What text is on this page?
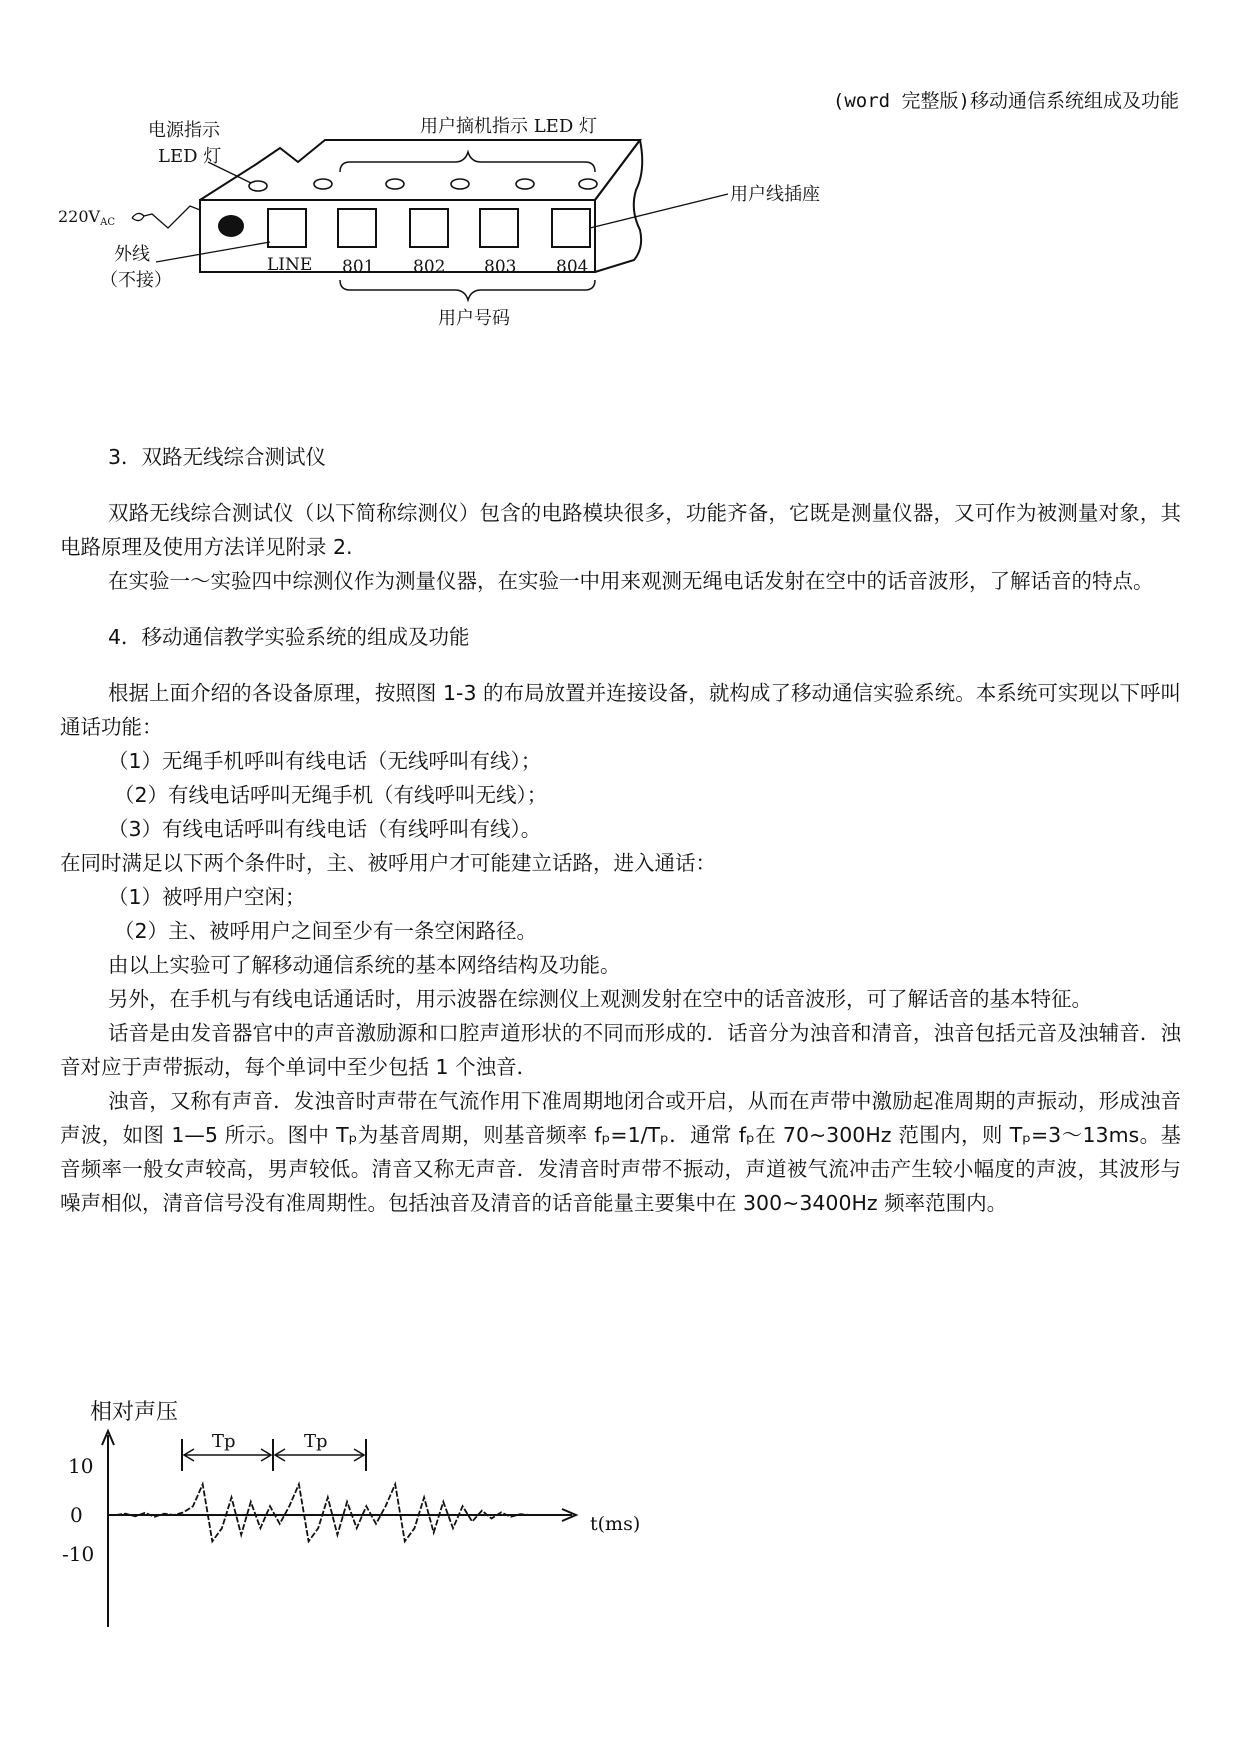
(word 完整版)移动通信系统组成及功能
LINE 801 802 803 804
电源指示
LED 灯
用户摘机指示 LED 灯
用户线插座
220VAC
外线
（不接）
用户号码

3．双路无线综合测试仪

双路无线综合测试仪（以下简称综测仪）包含的电路模块很多，功能齐备，它既是测量仪器，又可作为被测量对象，其电路原理及使用方法详见附录 2.

在实验一～实验四中综测仪作为测量仪器，在实验一中用来观测无绳电话发射在空中的话音波形，了解话音的特点。

4．移动通信教学实验系统的组成及功能

根据上面介绍的各设备原理，按照图 1-3 的布局放置并连接设备，就构成了移动通信实验系统。本系统可实现以下呼叫通话功能：

（1）无绳手机呼叫有线电话（无线呼叫有线）；

（2）有线电话呼叫无绳手机（有线呼叫无线）；

（3）有线电话呼叫有线电话（有线呼叫有线）。

在同时满足以下两个条件时，主、被呼用户才可能建立话路，进入通话：

（1）被呼用户空闲；

（2）主、被呼用户之间至少有一条空闲路径。

由以上实验可了解移动通信系统的基本网络结构及功能。

另外，在手机与有线电话通话时，用示波器在综测仪上观测发射在空中的话音波形，可了解话音的基本特征。

话音是由发音器官中的声音激励源和口腔声道形状的不同而形成的．话音分为浊音和清音，浊音包括元音及浊辅音．浊音对应于声带振动，每个单词中至少包括 1 个浊音．

浊音，又称有声音．发浊音时声带在气流作用下准周期地闭合或开启，从而在声带中激励起准周期的声振动，形成浊音声波，如图 1—5 所示。图中 Tₚ为基音周期，则基音频率 fₚ=1/Tₚ．通常 fₚ在 70~300Hz 范围内，则 Tₚ=3～13ms。基音频率一般女声较高，男声较低。清音又称无声音．发清音时声带不振动，声道被气流冲击产生较小幅度的声波，其波形与噪声相似，清音信号没有准周期性。包括浊音及清音的话音能量主要集中在 300~3400Hz 频率范围内。

相对声压
t(ms)
10
0
-10
Tp	Tp
